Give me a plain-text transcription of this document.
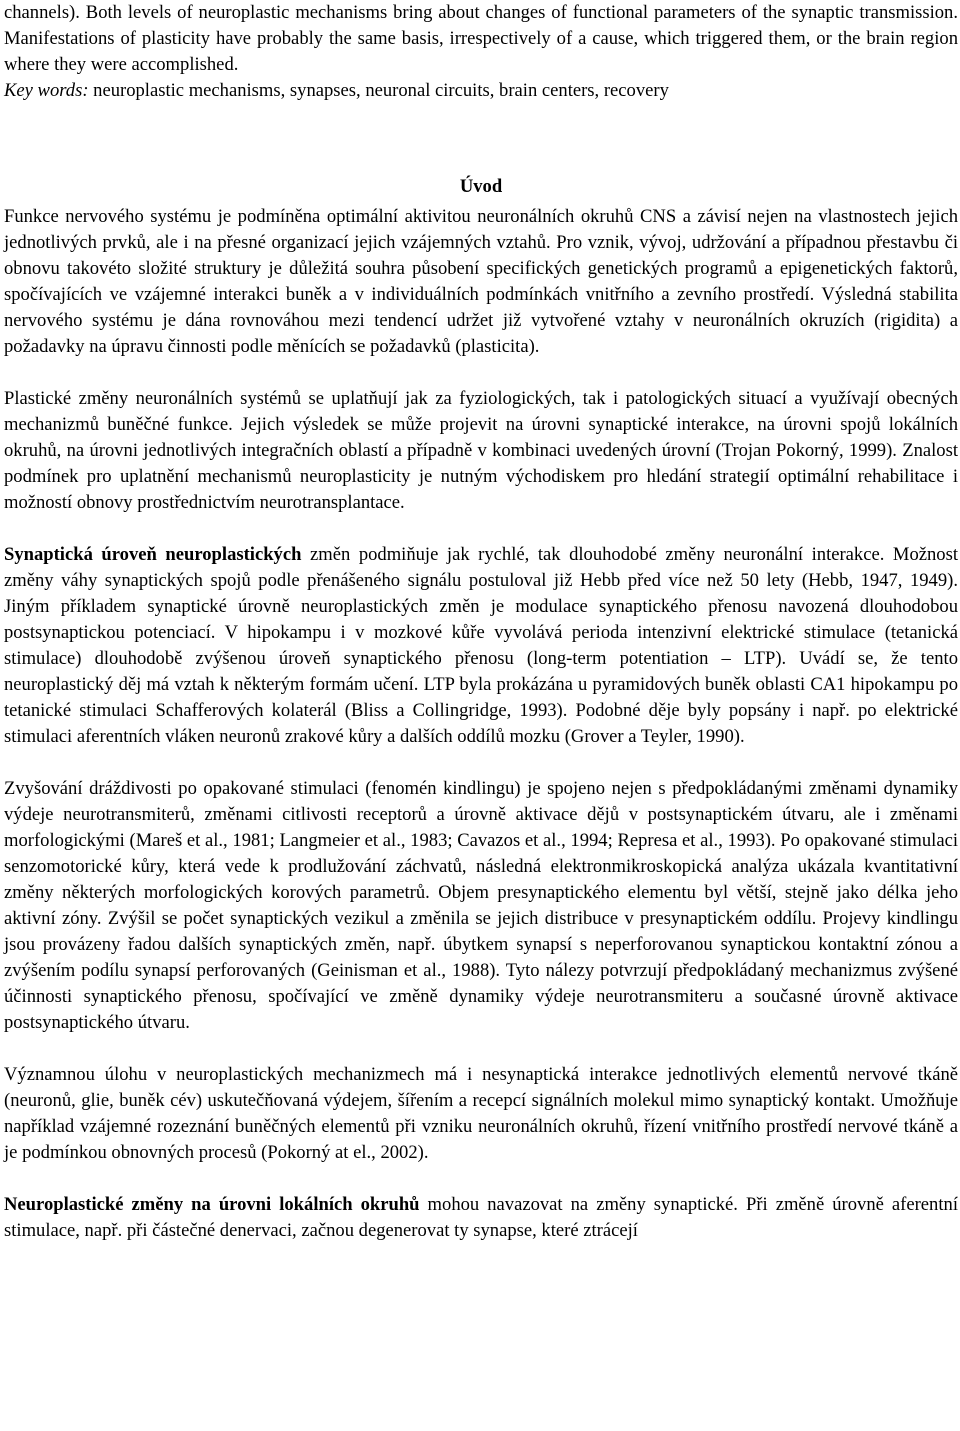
channels). Both levels of neuroplastic mechanisms bring about changes of functional parameters of the synaptic transmission. Manifestations of plasticity have probably the same basis, irrespectively of a cause, which triggered them, or the brain region where they were accomplished.

Key words: neuroplastic mechanisms, synapses, neuronal circuits, brain centers, recovery

Úvod

Funkce nervového systému je podmíněna optimální aktivitou neuronálních okruhů CNS a závisí nejen na vlastnostech jejich jednotlivých prvků, ale i na přesné organizací jejich vzájemných vztahů. Pro vznik, vývoj, udržování a případnou přestavbu či obnovu takovéto složité struktury je důležitá souhra působení specifických genetických programů a epigenetických faktorů, spočívajících ve vzájemné interakci buněk a v individuálních podmínkách vnitřního a zevního prostředí. Výsledná stabilita nervového systému je dána rovnováhou mezi tendencí udržet již vytvořené vztahy v neuronálních okruzích (rigidita) a požadavky na úpravu činnosti podle měnících se požadavků (plasticita).

Plastické změny neuronálních systémů se uplatňují jak za fyziologických, tak i patologických situací a využívají obecných mechanizmů buněčné funkce. Jejich výsledek se může projevit na úrovni synaptické interakce, na úrovni spojů lokálních okruhů, na úrovni jednotlivých integračních oblastí a případně v kombinaci uvedených úrovní (Trojan Pokorný, 1999). Znalost podmínek pro uplatnění mechanismů neuroplasticity je nutným východiskem pro hledání strategií optimální rehabilitace i možností obnovy prostřednictvím neurotransplantace.

Synaptická úroveň neuroplastických změn podmiňuje jak rychlé, tak dlouhodobé změny neuronální interakce. Možnost změny váhy synaptických spojů podle přenášeného signálu postuloval již Hebb před více než 50 lety (Hebb, 1947, 1949). Jiným příkladem synaptické úrovně neuroplastických změn je modulace synaptického přenosu navozená dlouhodobou postsynaptickou potenciací. V hipokampu i v mozkové kůře vyvolává perioda intenzivní elektrické stimulace (tetanická stimulace) dlouhodobě zvýšenou úroveň synaptického přenosu (long-term potentiation – LTP). Uvádí se, že tento neuroplastický děj má vztah k některým formám učení. LTP byla prokázána u pyramidových buněk oblasti CA1 hipokampu po tetanické stimulaci Schafferových kolaterál (Bliss a Collingridge, 1993). Podobné děje byly popsány i např. po elektrické stimulaci aferentních vláken neuronů zrakové kůry a dalších oddílů mozku (Grover a Teyler, 1990).

Zvyšování dráždivosti po opakované stimulaci (fenomén kindlingu) je spojeno nejen s předpokládanými změnami dynamiky výdeje neurotransmiterů, změnami citlivosti receptorů a úrovně aktivace dějů v postsynaptickém útvaru, ale i změnami morfologickými (Mareš et al., 1981; Langmeier et al., 1983; Cavazos et al., 1994; Represa et al., 1993). Po opakované stimulaci senzomotorické kůry, která vede k prodlužování záchvatů, následná elektronmikroskopická analýza ukázala kvantitativní změny některých morfologických korových parametrů. Objem presynaptického elementu byl větší, stejně jako délka jeho aktivní zóny. Zvýšil se počet synaptických vezikul a změnila se jejich distribuce v presynaptickém oddílu. Projevy kindlingu jsou provázeny řadou dalších synaptických změn, např. úbytkem synapsí s neperforovanou synaptickou kontaktní zónou a zvýšením podílu synapsí perforovaných (Geinisman et al., 1988). Tyto nálezy potvrzují předpokládaný mechanizmus zvýšené účinnosti synaptického přenosu, spočívající ve změně dynamiky výdeje neurotransmiteru a současné úrovně aktivace postsynaptického útvaru.

Významnou úlohu v neuroplastických mechanizmech má i nesynaptická interakce jednotlivých elementů nervové tkáně (neuronů, glie, buněk cév) uskutečňovaná výdejem, šířením a recepcí signálních molekul mimo synaptický kontakt. Umožňuje například vzájemné rozeznání buněčných elementů při vzniku neuronálních okruhů, řízení vnitřního prostředí nervové tkáně a je podmínkou obnovných procesů (Pokorný at el., 2002).

Neuroplastické změny na úrovni lokálních okruhů mohou navazovat na změny synaptické. Při změně úrovně aferentní stimulace, např. při částečné denervaci, začnou degenerovat ty synapse, které ztrácejí
